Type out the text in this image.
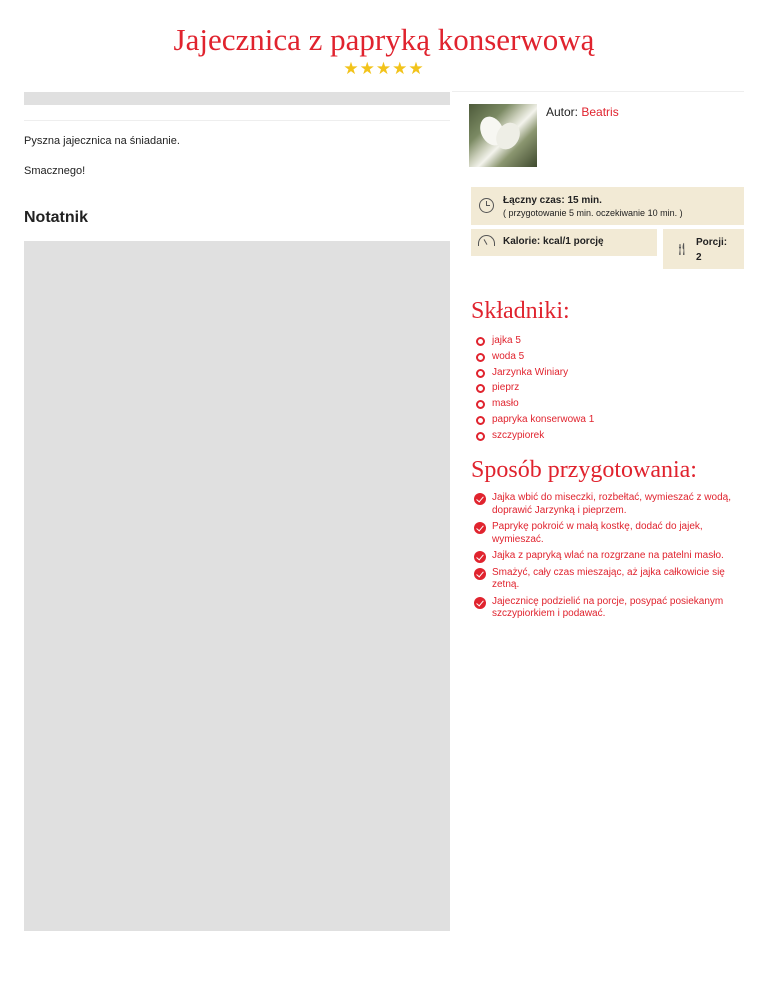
Jajecznica z papryką konserwową
★★★★★
Pyszna jajecznica na śniadanie.
Smacznego!
Notatnik
Autor: Beatris
Łączny czas: 15 min.
( przygotowanie 5 min. oczekiwanie 10 min. )
Kalorie: kcal/1 porcję
🍴︎ Porcji:
2
Składniki:
jajka 5
woda 5
Jarzynka Winiary
pieprz
masło
papryka konserwowa 1
szczypiorek
Sposób przygotowania:
Jajka wbić do miseczki, rozbełtać, wymieszać z wodą, doprawić Jarzynką i pieprzem.
Paprykę pokroić w małą kostkę, dodać do jajek, wymieszać.
Jajka z papryką wlać na rozgrzane na patelni masło.
Smażyć, cały czas mieszając, aż jajka całkowicie się zetną.
Jajecznicę podzielić na porcje, posypać posiekanym szczypiorkiem i podawać.
